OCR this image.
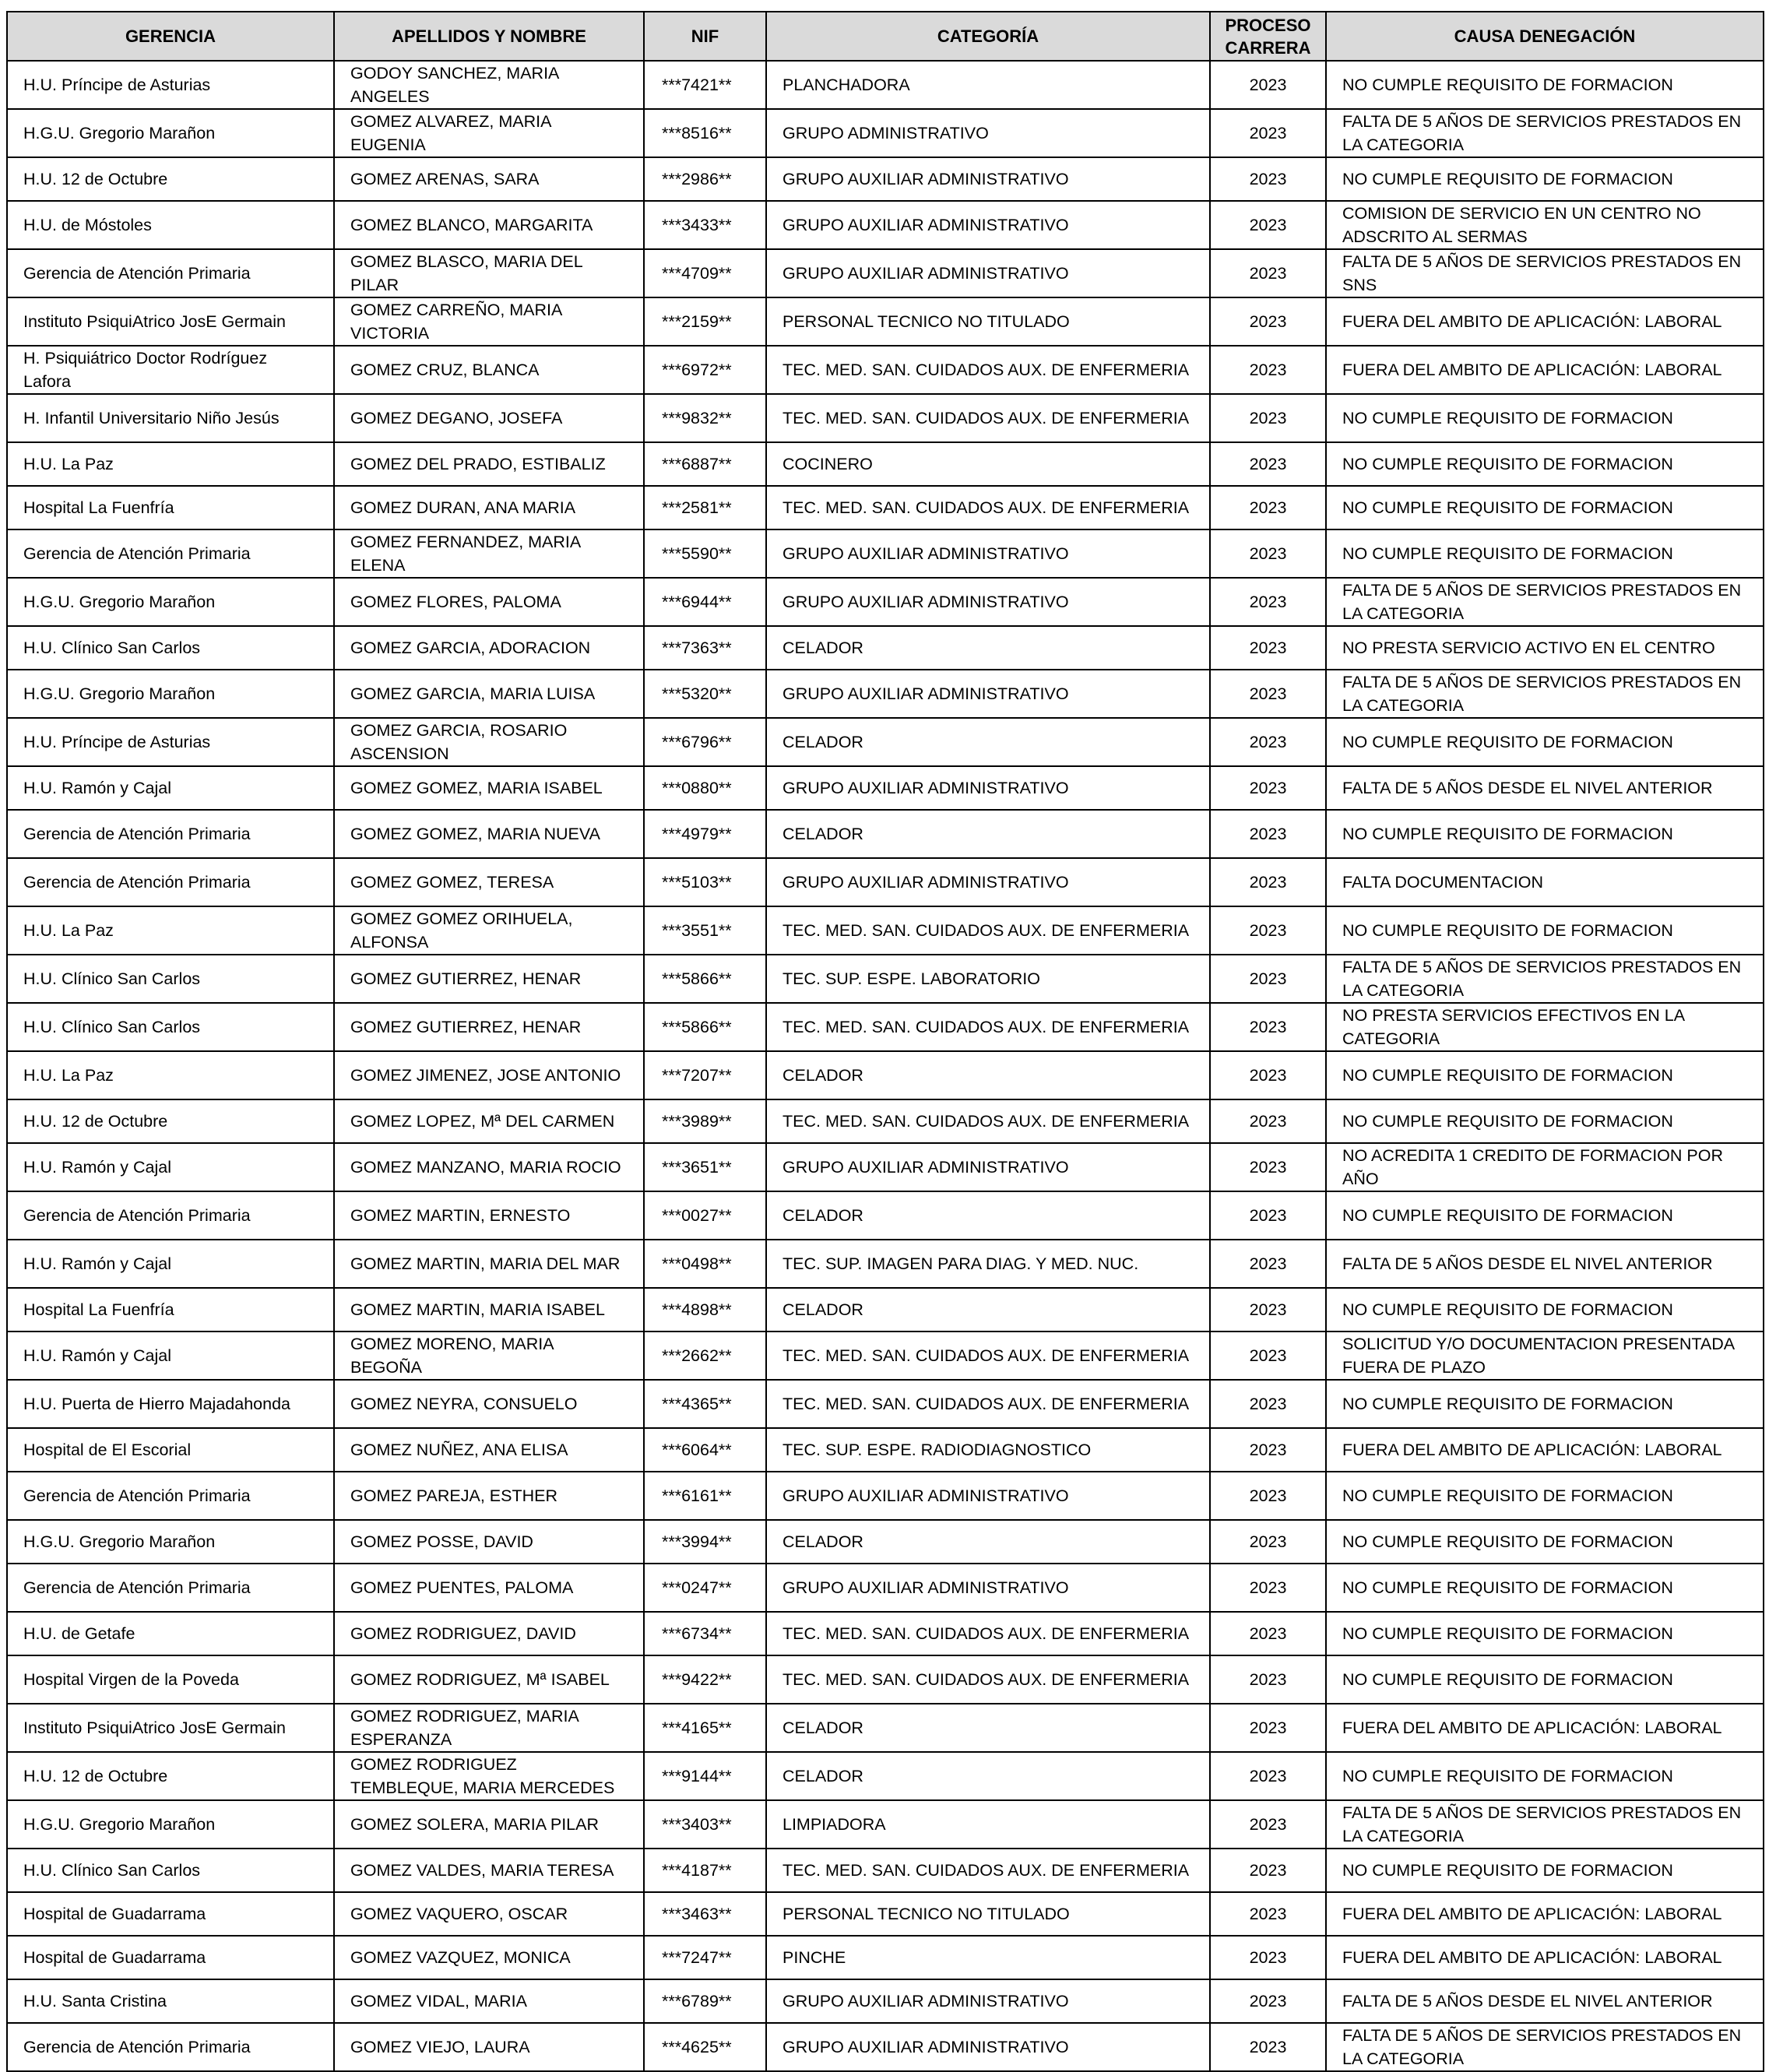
GERENCIA	APELLIDOS Y NOMBRE	NIF	CATEGORÍA	PROCESO CARRERA	CAUSA DENEGACIÓN
H.U. Príncipe de Asturias	GODOY SANCHEZ, MARIA ANGELES	***7421**	PLANCHADORA	2023	NO CUMPLE REQUISITO DE FORMACION
H.G.U. Gregorio Marañon	GOMEZ ALVAREZ, MARIA EUGENIA	***8516**	GRUPO ADMINISTRATIVO	2023	FALTA DE 5 AÑOS DE SERVICIOS PRESTADOS EN LA CATEGORIA
H.U. 12 de Octubre	GOMEZ ARENAS, SARA	***2986**	GRUPO AUXILIAR ADMINISTRATIVO	2023	NO CUMPLE REQUISITO DE FORMACION
H.U. de Móstoles	GOMEZ BLANCO, MARGARITA	***3433**	GRUPO AUXILIAR ADMINISTRATIVO	2023	COMISION DE SERVICIO EN UN CENTRO NO ADSCRITO AL SERMAS
Gerencia de Atención Primaria	GOMEZ BLASCO, MARIA DEL PILAR	***4709**	GRUPO AUXILIAR ADMINISTRATIVO	2023	FALTA DE 5 AÑOS DE SERVICIOS PRESTADOS EN SNS
Instituto PsiquiAtrico JosE Germain	GOMEZ CARREÑO, MARIA VICTORIA	***2159**	PERSONAL TECNICO NO TITULADO	2023	FUERA DEL AMBITO DE APLICACIÓN: LABORAL
H. Psiquiátrico Doctor Rodríguez Lafora	GOMEZ CRUZ, BLANCA	***6972**	TEC. MED. SAN. CUIDADOS AUX. DE ENFERMERIA	2023	FUERA DEL AMBITO DE APLICACIÓN: LABORAL
H. Infantil Universitario Niño Jesús	GOMEZ DEGANO, JOSEFA	***9832**	TEC. MED. SAN. CUIDADOS AUX. DE ENFERMERIA	2023	NO CUMPLE REQUISITO DE FORMACION
H.U. La Paz	GOMEZ DEL PRADO, ESTIBALIZ	***6887**	COCINERO	2023	NO CUMPLE REQUISITO DE FORMACION
Hospital La Fuenfría	GOMEZ DURAN, ANA MARIA	***2581**	TEC. MED. SAN. CUIDADOS AUX. DE ENFERMERIA	2023	NO CUMPLE REQUISITO DE FORMACION
Gerencia de Atención Primaria	GOMEZ FERNANDEZ, MARIA ELENA	***5590**	GRUPO AUXILIAR ADMINISTRATIVO	2023	NO CUMPLE REQUISITO DE FORMACION
H.G.U. Gregorio Marañon	GOMEZ FLORES, PALOMA	***6944**	GRUPO AUXILIAR ADMINISTRATIVO	2023	FALTA DE 5 AÑOS DE SERVICIOS PRESTADOS EN LA CATEGORIA
H.U. Clínico San Carlos	GOMEZ GARCIA, ADORACION	***7363**	CELADOR	2023	NO PRESTA SERVICIO ACTIVO EN EL CENTRO
H.G.U. Gregorio Marañon	GOMEZ GARCIA, MARIA LUISA	***5320**	GRUPO AUXILIAR ADMINISTRATIVO	2023	FALTA DE 5 AÑOS DE SERVICIOS PRESTADOS EN LA CATEGORIA
H.U. Príncipe de Asturias	GOMEZ GARCIA, ROSARIO ASCENSION	***6796**	CELADOR	2023	NO CUMPLE REQUISITO DE FORMACION
H.U. Ramón y Cajal	GOMEZ GOMEZ, MARIA ISABEL	***0880**	GRUPO AUXILIAR ADMINISTRATIVO	2023	FALTA DE 5 AÑOS DESDE EL NIVEL ANTERIOR
Gerencia de Atención Primaria	GOMEZ GOMEZ, MARIA NUEVA	***4979**	CELADOR	2023	NO CUMPLE REQUISITO DE FORMACION
Gerencia de Atención Primaria	GOMEZ GOMEZ, TERESA	***5103**	GRUPO AUXILIAR ADMINISTRATIVO	2023	FALTA DOCUMENTACION
H.U. La Paz	GOMEZ GOMEZ ORIHUELA, ALFONSA	***3551**	TEC. MED. SAN. CUIDADOS AUX. DE ENFERMERIA	2023	NO CUMPLE REQUISITO DE FORMACION
H.U. Clínico San Carlos	GOMEZ GUTIERREZ, HENAR	***5866**	TEC. SUP. ESPE. LABORATORIO	2023	FALTA DE 5 AÑOS DE SERVICIOS PRESTADOS EN LA CATEGORIA
H.U. Clínico San Carlos	GOMEZ GUTIERREZ, HENAR	***5866**	TEC. MED. SAN. CUIDADOS AUX. DE ENFERMERIA	2023	NO PRESTA SERVICIOS EFECTIVOS EN LA CATEGORIA
H.U. La Paz	GOMEZ JIMENEZ, JOSE ANTONIO	***7207**	CELADOR	2023	NO CUMPLE REQUISITO DE FORMACION
H.U. 12 de Octubre	GOMEZ LOPEZ, Mª DEL CARMEN	***3989**	TEC. MED. SAN. CUIDADOS AUX. DE ENFERMERIA	2023	NO CUMPLE REQUISITO DE FORMACION
H.U. Ramón y Cajal	GOMEZ MANZANO, MARIA ROCIO	***3651**	GRUPO AUXILIAR ADMINISTRATIVO	2023	NO ACREDITA 1 CREDITO DE FORMACION POR AÑO
Gerencia de Atención Primaria	GOMEZ MARTIN, ERNESTO	***0027**	CELADOR	2023	NO CUMPLE REQUISITO DE FORMACION
H.U. Ramón y Cajal	GOMEZ MARTIN, MARIA DEL MAR	***0498**	TEC. SUP. IMAGEN PARA DIAG. Y MED. NUC.	2023	FALTA DE 5 AÑOS DESDE EL NIVEL ANTERIOR
Hospital La Fuenfría	GOMEZ MARTIN, MARIA ISABEL	***4898**	CELADOR	2023	NO CUMPLE REQUISITO DE FORMACION
H.U. Ramón y Cajal	GOMEZ MORENO, MARIA BEGOÑA	***2662**	TEC. MED. SAN. CUIDADOS AUX. DE ENFERMERIA	2023	SOLICITUD Y/O DOCUMENTACION PRESENTADA FUERA DE PLAZO
H.U. Puerta de Hierro Majadahonda	GOMEZ NEYRA, CONSUELO	***4365**	TEC. MED. SAN. CUIDADOS AUX. DE ENFERMERIA	2023	NO CUMPLE REQUISITO DE FORMACION
Hospital de El Escorial	GOMEZ NUÑEZ, ANA ELISA	***6064**	TEC. SUP. ESPE. RADIODIAGNOSTICO	2023	FUERA DEL AMBITO DE APLICACIÓN: LABORAL
Gerencia de Atención Primaria	GOMEZ PAREJA, ESTHER	***6161**	GRUPO AUXILIAR ADMINISTRATIVO	2023	NO CUMPLE REQUISITO DE FORMACION
H.G.U. Gregorio Marañon	GOMEZ POSSE, DAVID	***3994**	CELADOR	2023	NO CUMPLE REQUISITO DE FORMACION
Gerencia de Atención Primaria	GOMEZ PUENTES, PALOMA	***0247**	GRUPO AUXILIAR ADMINISTRATIVO	2023	NO CUMPLE REQUISITO DE FORMACION
H.U. de Getafe	GOMEZ RODRIGUEZ, DAVID	***6734**	TEC. MED. SAN. CUIDADOS AUX. DE ENFERMERIA	2023	NO CUMPLE REQUISITO DE FORMACION
Hospital Virgen de la Poveda	GOMEZ RODRIGUEZ, Mª ISABEL	***9422**	TEC. MED. SAN. CUIDADOS AUX. DE ENFERMERIA	2023	NO CUMPLE REQUISITO DE FORMACION
Instituto PsiquiAtrico JosE Germain	GOMEZ RODRIGUEZ, MARIA ESPERANZA	***4165**	CELADOR	2023	FUERA DEL AMBITO DE APLICACIÓN: LABORAL
H.U. 12 de Octubre	GOMEZ RODRIGUEZ TEMBLEQUE, MARIA MERCEDES	***9144**	CELADOR	2023	NO CUMPLE REQUISITO DE FORMACION
H.G.U. Gregorio Marañon	GOMEZ SOLERA, MARIA PILAR	***3403**	LIMPIADORA	2023	FALTA DE 5 AÑOS DE SERVICIOS PRESTADOS EN LA CATEGORIA
H.U. Clínico San Carlos	GOMEZ VALDES, MARIA TERESA	***4187**	TEC. MED. SAN. CUIDADOS AUX. DE ENFERMERIA	2023	NO CUMPLE REQUISITO DE FORMACION
Hospital de Guadarrama	GOMEZ VAQUERO, OSCAR	***3463**	PERSONAL TECNICO NO TITULADO	2023	FUERA DEL AMBITO DE APLICACIÓN: LABORAL
Hospital de Guadarrama	GOMEZ VAZQUEZ, MONICA	***7247**	PINCHE	2023	FUERA DEL AMBITO DE APLICACIÓN: LABORAL
H.U. Santa Cristina	GOMEZ VIDAL, MARIA	***6789**	GRUPO AUXILIAR ADMINISTRATIVO	2023	FALTA DE 5 AÑOS DESDE EL NIVEL ANTERIOR
Gerencia de Atención Primaria	GOMEZ VIEJO, LAURA	***4625**	GRUPO AUXILIAR ADMINISTRATIVO	2023	FALTA DE 5 AÑOS DE SERVICIOS PRESTADOS EN LA CATEGORIA
